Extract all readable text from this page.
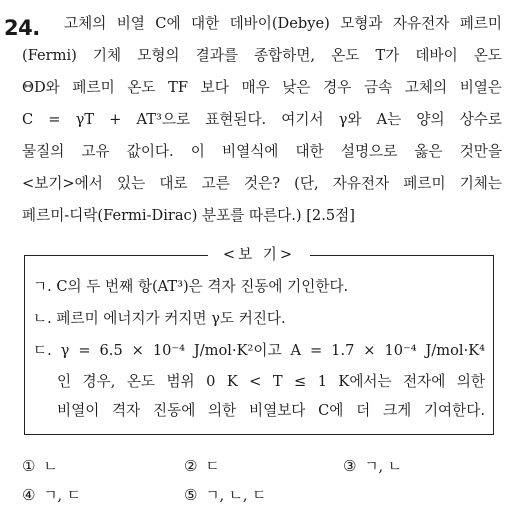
24. 고체의 비열 C에 대한 데바이(Debye) 모형과 자유전자 페르미
(Fermi) 기체 모형의 결과를 종합하면, 온도 T가 데바이 온도
ΘD와 페르미 온도 TF 보다 매우 낮은 경우 금속 고체의 비열은
C = γT + AT³으로 표현된다. 여기서 γ와 A는 양의 상수로
물질의 고유 값이다. 이 비열식에 대한 설명으로 옳은 것만을
<보기>에서 있는 대로 고른 것은? (단, 자유전자 페르미 기체는
페르미-디락(Fermi-Dirac) 분포를 따른다.) [2.5점]
<보 기>
ㄱ. C의 두 번째 항(AT³)은 격자 진동에 기인한다.
ㄴ. 페르미 에너지가 커지면 γ도 커진다.
ㄷ. γ = 6.5 × 10⁻⁴ J/mol·K²이고 A = 1.7 × 10⁻⁴ J/mol·K⁴
인 경우, 온도 범위 0 K < T ≤ 1 K에서는 전자에 의한
비열이 격자 진동에 의한 비열보다 C에 더 크게 기여한다.
① ㄴ	② ㄷ	③ ㄱ, ㄴ
④ ㄱ, ㄷ	⑤ ㄱ, ㄴ, ㄷ
